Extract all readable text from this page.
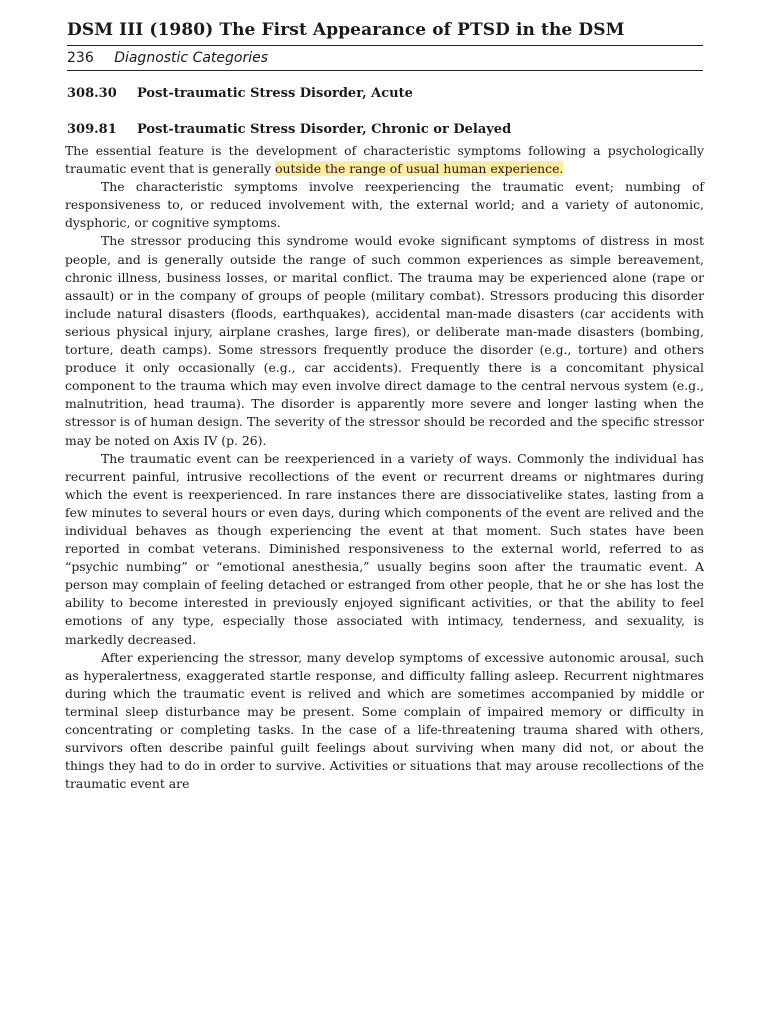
DSM III (1980) The First Appearance of PTSD in the DSM
236 Diagnostic Categories
308.30 Post-traumatic Stress Disorder, Acute
309.81 Post-traumatic Stress Disorder, Chronic or Delayed

The essential feature is the development of characteristic symptoms following a psychologically traumatic event that is generally outside the range of usual human experience.

The characteristic symptoms involve reexperiencing the traumatic event; numbing of responsiveness to, or reduced involvement with, the external world; and a variety of autonomic, dysphoric, or cognitive symptoms.

The stressor producing this syndrome would evoke significant symptoms of distress in most people, and is generally outside the range of such common experiences as simple bereavement, chronic illness, business losses, or marital conflict. The trauma may be experienced alone (rape or assault) or in the company of groups of people (military combat). Stressors producing this disorder include natural disasters (floods, earthquakes), accidental man-made disasters (car accidents with serious physical injury, airplane crashes, large fires), or deliberate man-made disasters (bombing, torture, death camps). Some stressors frequently produce the disorder (e.g., torture) and others produce it only occasionally (e.g., car accidents). Frequently there is a concomitant physical component to the trauma which may even involve direct damage to the central nervous system (e.g., malnutrition, head trauma). The disorder is apparently more severe and longer lasting when the stressor is of human design. The severity of the stressor should be recorded and the specific stressor may be noted on Axis IV (p. 26).

The traumatic event can be reexperienced in a variety of ways. Commonly the individual has recurrent painful, intrusive recollections of the event or recurrent dreams or nightmares during which the event is reexperienced. In rare instances there are dissociativelike states, lasting from a few minutes to several hours or even days, during which components of the event are relived and the individual behaves as though experiencing the event at that moment. Such states have been reported in combat veterans. Diminished responsiveness to the external world, referred to as “psychic numbing” or “emotional anesthesia,” usually begins soon after the traumatic event. A person may complain of feeling detached or estranged from other people, that he or she has lost the ability to become interested in previously enjoyed significant activities, or that the ability to feel emotions of any type, especially those associated with intimacy, tenderness, and sexuality, is markedly decreased.

After experiencing the stressor, many develop symptoms of excessive autonomic arousal, such as hyperalertness, exaggerated startle response, and difficulty falling asleep. Recurrent nightmares during which the traumatic event is relived and which are sometimes accompanied by middle or terminal sleep disturbance may be present. Some complain of impaired memory or difficulty in concentrating or completing tasks. In the case of a life-threatening trauma shared with others, survivors often describe painful guilt feelings about surviving when many did not, or about the things they had to do in order to survive. Activities or situations that may arouse recollections of the traumatic event are
